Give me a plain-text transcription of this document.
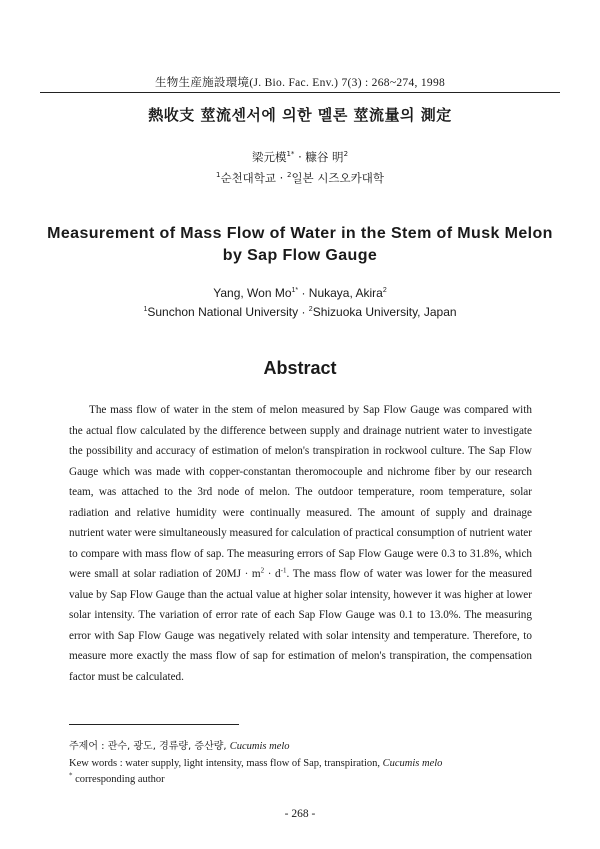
生物生産施設環境(J. Bio. Fac. Env.) 7(3) : 268~274, 1998
熱收支 莖流센서에 의한 멜론 莖流量의 測定
梁元模$^{1*}$ · 糠谷 明$^2$
$^1$순천대학교 · $^2$일본 시즈오카대학
Measurement of Mass Flow of Water in the Stem of Musk Melon
by Sap Flow Gauge
Yang, Won $Mo^{1*}$ · Nukaya, Akira$^2$
$^1$Sunchon National University · $^2$Shizuoka University, Japan
Abstract
The mass flow of water in the stem of melon measured by Sap Flow Gauge was compared with the actual flow calculated by the difference between supply and drainage nutrient water to investigate the possibility and accuracy of estimation of melon's transpiration in rockwool culture. The Sap Flow Gauge which was made with copper-constantan theromocouple and nichrome fiber by our research team, was attached to the 3rd node of melon. The outdoor temperature, room temperature, solar radiation and relative humidity were continually measured. The amount of supply and drainage nutrient water were simultaneously measured for calculation of practical consumption of nutrient water to compare with mass flow of sap. The measuring errors of Sap Flow Gauge were 0.3 to 31.8%, which were small at solar radiation of $20MJ \cdot m^2 \cdot d^{-1}$. The mass flow of water was lower for the measured value by Sap Flow Gauge than the actual value at higher solar intensity, however it was higher at lower solar intensity. The variation of error rate of each Sap Flow Gauge was 0.1 to 13.0%. The measuring error with Sap Flow Gauge was negatively related with solar intensity and temperature. Therefore, to measure more exactly the mass flow of sap for estimation of melon's transpiration, the compensation factor must be calculated.
주제어 : 관수, 광도, 경류량, 증산량, Cucumis melo
Kew words : water supply, light intensity, mass flow of Sap, transpiration, Cucumis melo
* corresponding author
- 268 -
